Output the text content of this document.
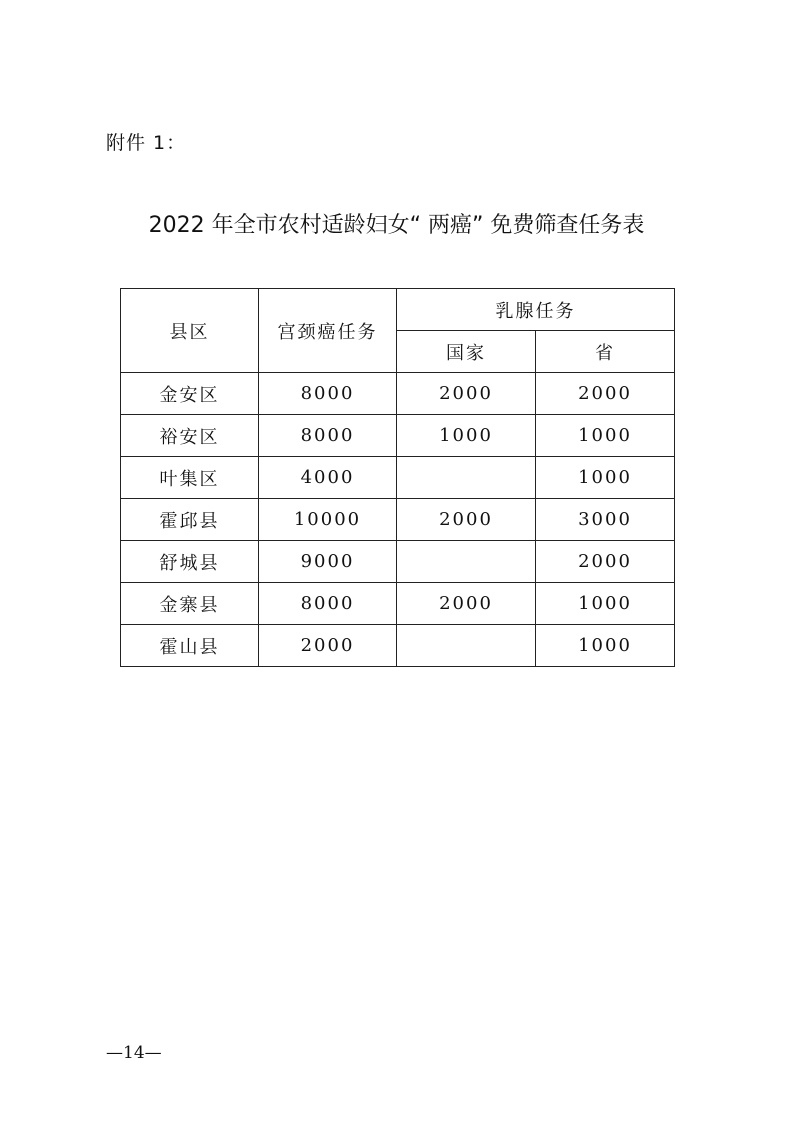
附件 1：
2022 年全市农村适龄妇女“ 两癌” 免费筛查任务表
县区	宫颈癌任务	乳腺任务	
		国家	省
金安区	8000	2000	2000
裕安区	8000	1000	1000
叶集区	4000		1000
霍邱县	10000	2000	3000
舒城县	9000		2000
金寨县	8000	2000	1000
霍山县	2000		1000
—14—
